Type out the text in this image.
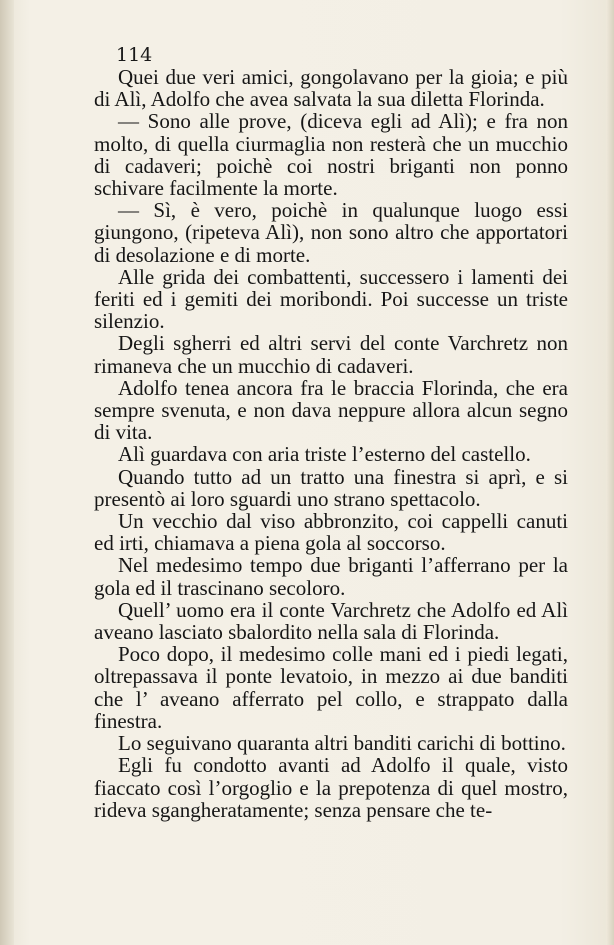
114

Quei due veri amici, gongolavano per la gioia; e più di Alì, Adolfo che avea salvata la sua diletta Florinda.

— Sono alle prove, (diceva egli ad Alì); e fra non molto, di quella ciurmaglia non resterà che un mucchio di cadaveri; poichè coi nostri briganti non ponno schivare facilmente la morte.

— Sì, è vero, poichè in qualunque luogo essi giungono, (ripeteva Alì), non sono altro che apportatori di desolazione e di morte.

Alle grida dei combattenti, successero i lamenti dei feriti ed i gemiti dei moribondi. Poi successe un triste silenzio.

Degli sgherri ed altri servi del conte Varchretz non rimaneva che un mucchio di cadaveri.

Adolfo tenea ancora fra le braccia Florinda, che era sempre svenuta, e non dava neppure allora alcun segno di vita.

Alì guardava con aria triste l’esterno del castello.

Quando tutto ad un tratto una finestra si aprì, e si presentò ai loro sguardi uno strano spettacolo.

Un vecchio dal viso abbronzito, coi cappelli canuti ed irti, chiamava a piena gola al soccorso.

Nel medesimo tempo due briganti l’afferrano per la gola ed il trascinano secoloro.

Quell’ uomo era il conte Varchretz che Adolfo ed Alì aveano lasciato sbalordito nella sala di Florinda.

Poco dopo, il medesimo colle mani ed i piedi legati, oltrepassava il ponte levatoio, in mezzo ai due banditi che l’ aveano afferrato pel collo, e strappato dalla finestra.

Lo seguivano quaranta altri banditi carichi di bottino.

Egli fu condotto avanti ad Adolfo il quale, visto fiaccato così l’orgoglio e la prepotenza di quel mostro, rideva sgangheratamente; senza pensare che te-
